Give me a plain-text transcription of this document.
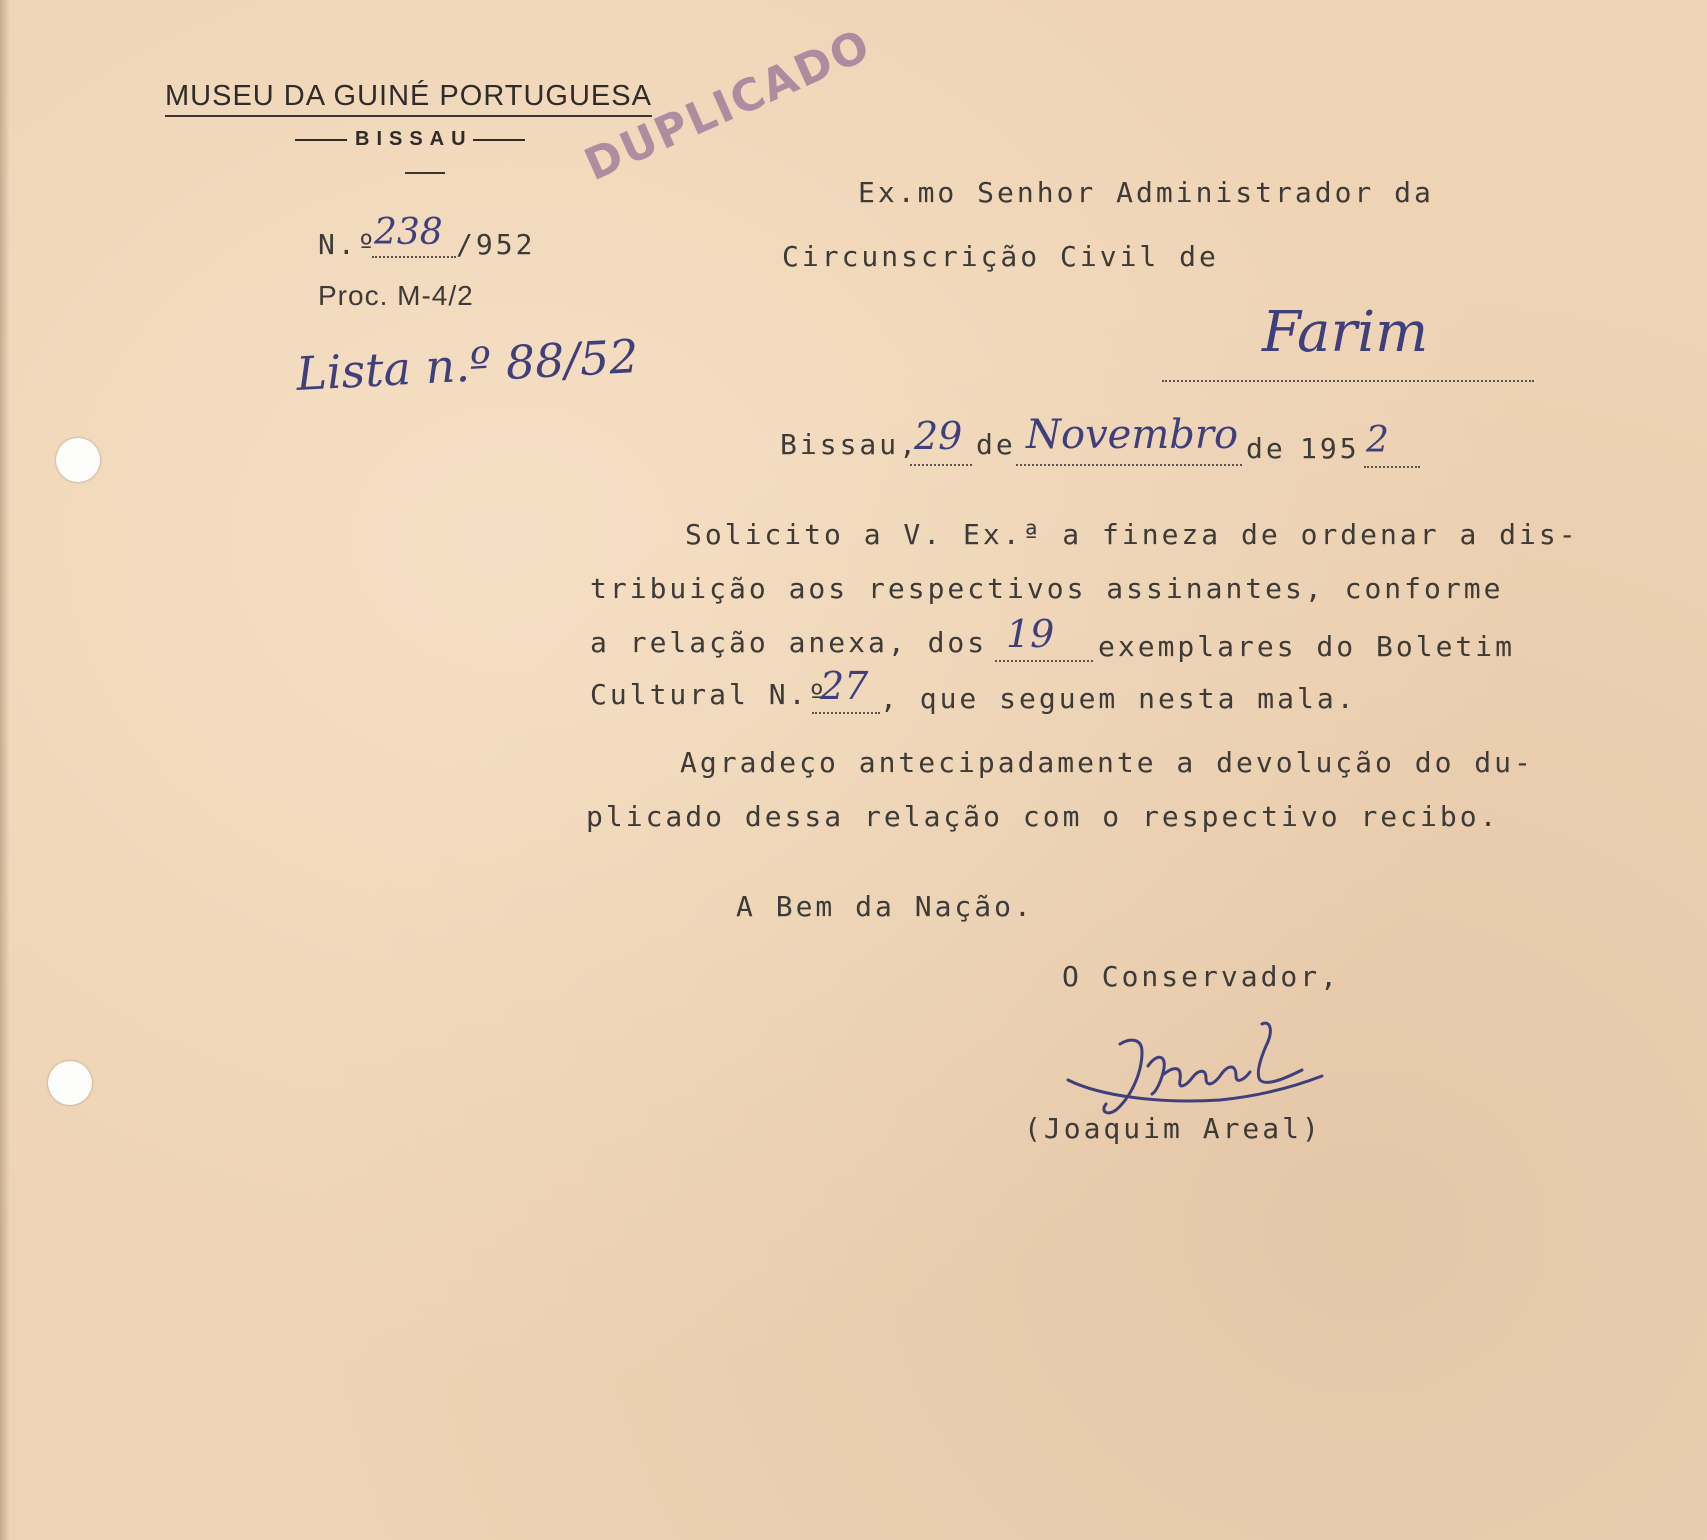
MUSEU DA GUINÉ PORTUGUESA
BISSAU	DUPLICADO
N.º
238 /952
Proc. M-4/2
Lista n.º 88/52
Ex.mo Senhor Administrador da
Circunscrição Civil de
Farim
Bissau,
29 de Novembro de 195 2
Solicito a V. Ex.ª a fineza de ordenar a dis-
tribuição aos respectivos assinantes, conforme
a relação anexa, dos 19 exemplares do Boletim
Cultural N.º
27 , que seguem nesta mala.
Agradeço antecipadamente a devolução do du-
plicado dessa relação com o respectivo recibo.
A Bem da Nação.
O Conservador,
(Joaquim Areal)
